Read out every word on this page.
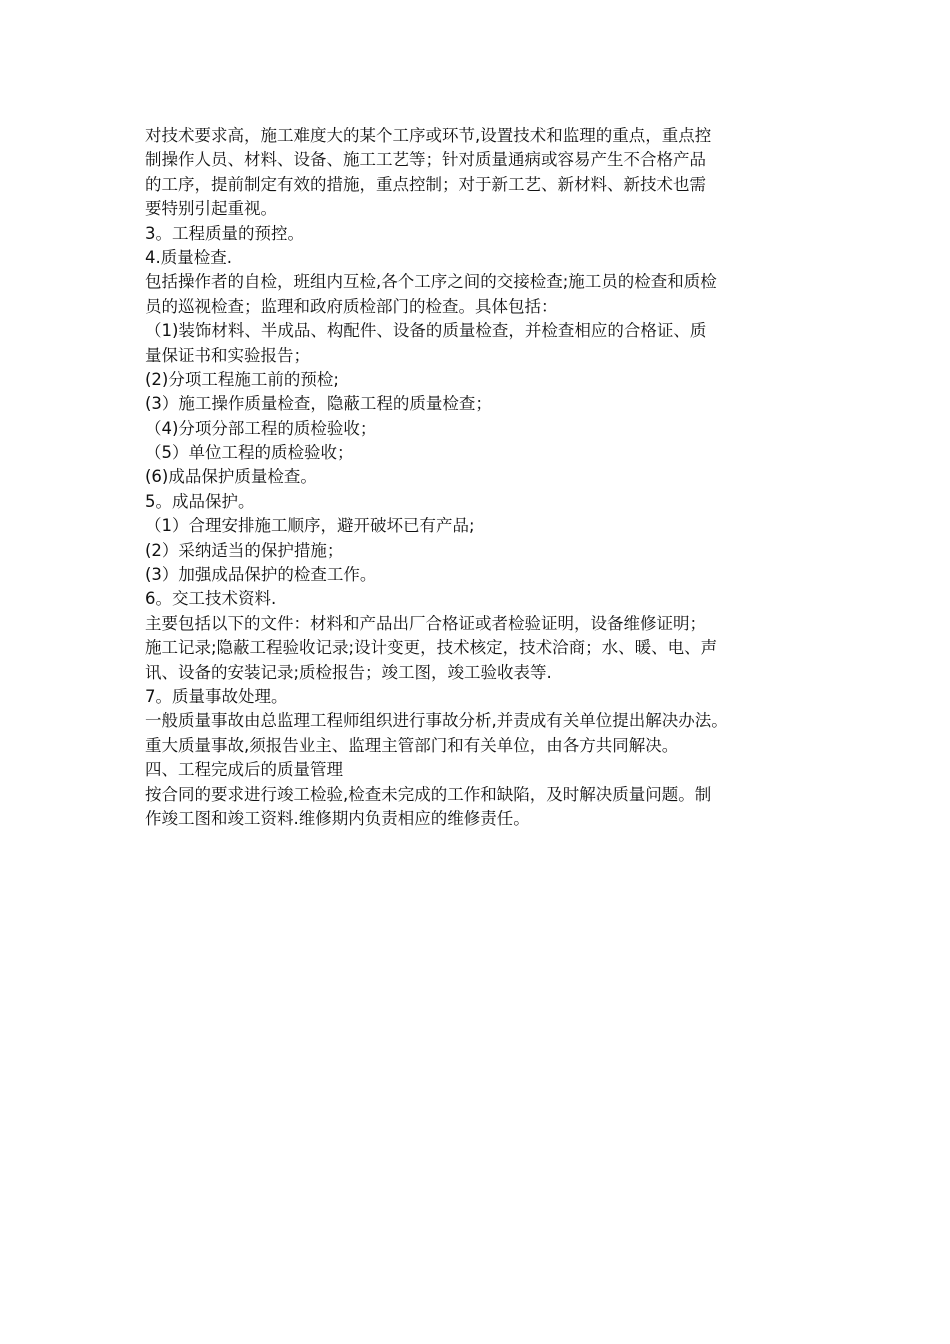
对技术要求高，施工难度大的某个工序或环节,设置技术和监理的重点，重点控
制操作人员、材料、设备、施工工艺等；针对质量通病或容易产生不合格产品
的工序，提前制定有效的措施，重点控制；对于新工艺、新材料、新技术也需
要特别引起重视。
3。工程质量的预控。
4.质量检查.
包括操作者的自检，班组内互检,各个工序之间的交接检查;施工员的检查和质检
员的巡视检查；监理和政府质检部门的检查。具体包括：
（1)装饰材料、半成品、构配件、设备的质量检查，并检查相应的合格证、质
量保证书和实验报告；
(2)分项工程施工前的预检;
(3）施工操作质量检查，隐蔽工程的质量检查；
（4)分项分部工程的质检验收；
（5）单位工程的质检验收；
(6)成品保护质量检查。
5。成品保护。
（1）合理安排施工顺序，避开破坏已有产品;
(2）采纳适当的保护措施；
(3）加强成品保护的检查工作。
6。交工技术资料.
主要包括以下的文件：材料和产品出厂合格证或者检验证明，设备维修证明；
施工记录;隐蔽工程验收记录;设计变更，技术核定，技术洽商；水、暖、电、声
讯、设备的安装记录;质检报告；竣工图，竣工验收表等.
7。质量事故处理。
一般质量事故由总监理工程师组织进行事故分析,并责成有关单位提出解决办法。
重大质量事故,须报告业主、监理主管部门和有关单位，由各方共同解决。
四、工程完成后的质量管理
按合同的要求进行竣工检验,检查未完成的工作和缺陷，及时解决质量问题。制
作竣工图和竣工资料.维修期内负责相应的维修责任。
